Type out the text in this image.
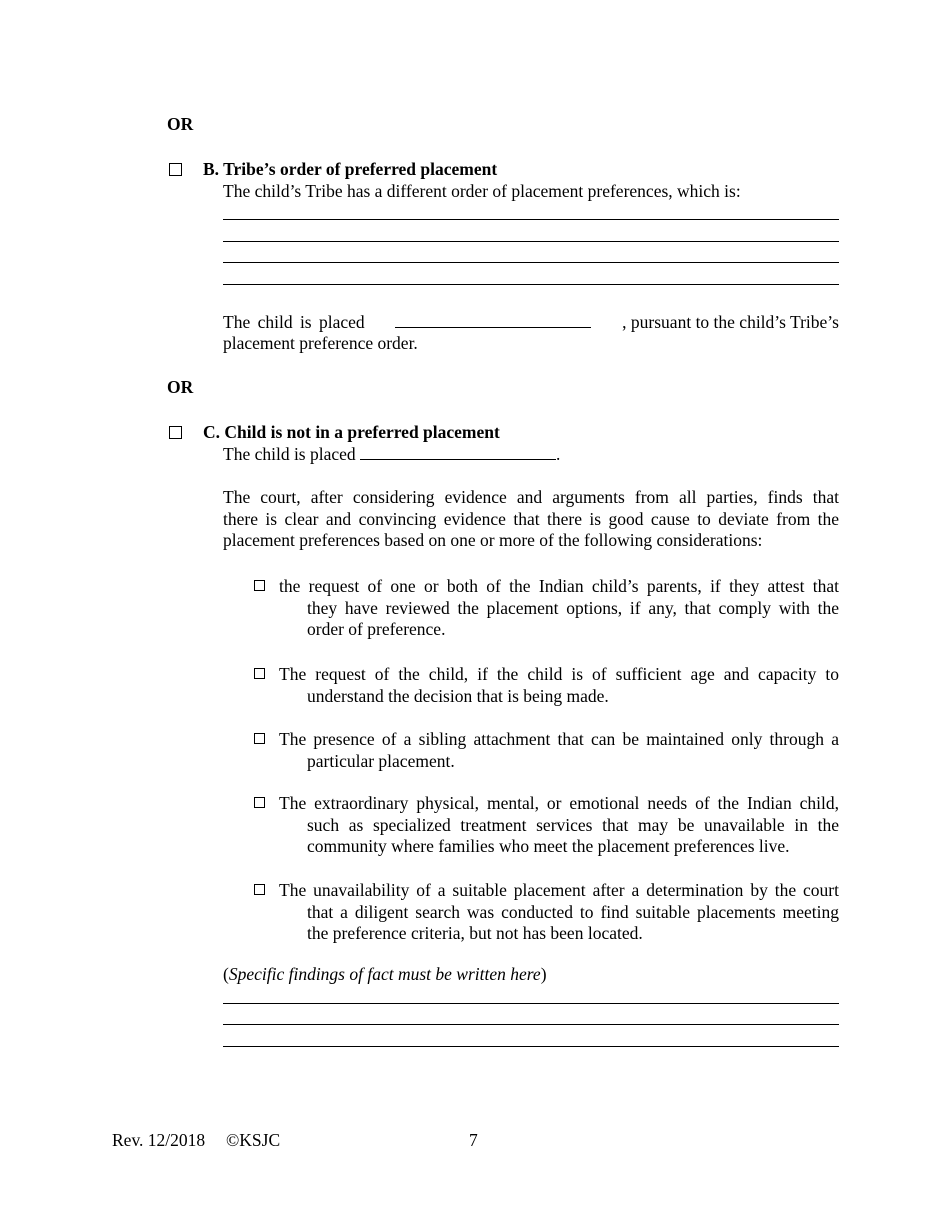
OR
B. Tribe’s order of preferred placement
The child’s Tribe has a different order of placement preferences, which is:
The child is placed	, pursuant to the child’s Tribe’s
placement preference order.
OR
C. Child is not in a preferred placement
The child is placed	.
The court, after considering evidence and arguments from all parties, finds that
there is clear and convincing evidence that there is good cause to deviate from the
placement preferences based on one or more of the following considerations:
the request of one or both of the Indian child’s parents, if they attest that
they have reviewed the placement options, if any, that comply with the
order of preference.
The request of the child, if the child is of sufficient age and capacity to
understand the decision that is being made.
The presence of a sibling attachment that can be maintained only through a
particular placement.
The extraordinary physical, mental, or emotional needs of the Indian child,
such as specialized treatment services that may be unavailable in the
community where families who meet the placement preferences live.
The unavailability of a suitable placement after a determination by the court
that a diligent search was conducted to find suitable placements meeting
the preference criteria, but not has been located.
(Specific findings of fact must be written here)
Rev. 12/2018 ©KSJC	7
